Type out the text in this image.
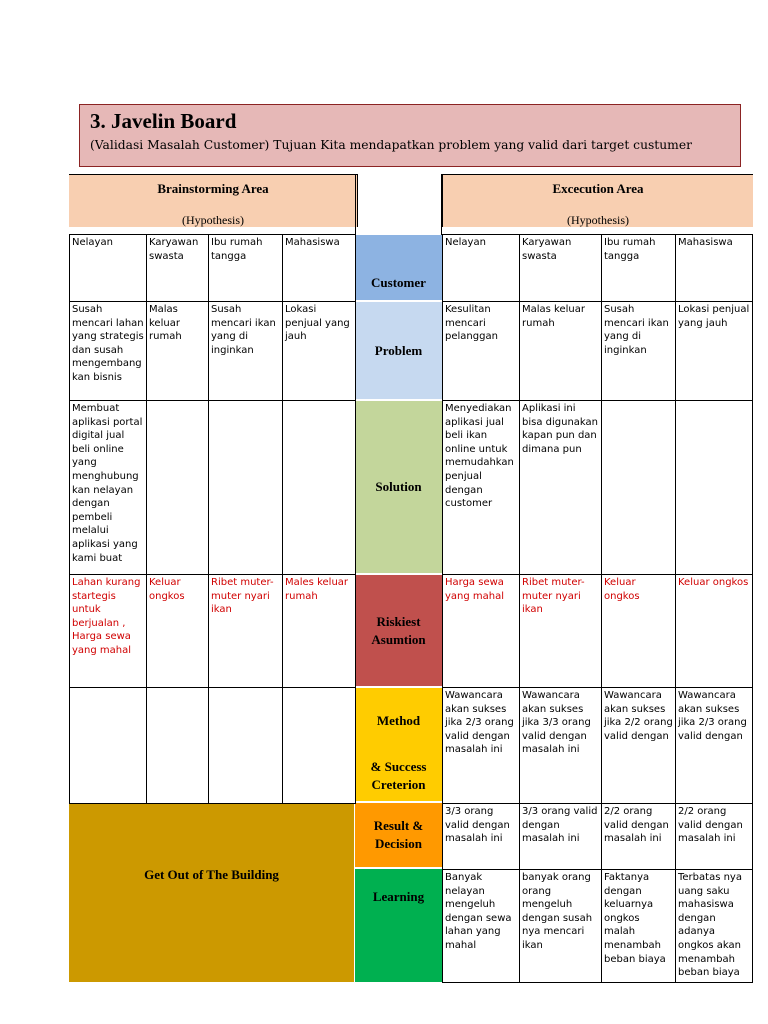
3. Javelin Board
(Validasi Masalah Customer) Tujuan Kita mendapatkan problem yang valid dari target custumer
Brainstorming Area
(Hypothesis)
Excecution Area
(Hypothesis)
Customer
Problem
Solution
Riskiest Asumtion
Method
& Success Creterion
Result & Decision
Learning
Get Out of The Building
Nelayan	Karyawan swasta
Ibu rumah tangga
Mahasiswa
Susah mencari lahan yang strategis dan susah mengembang kan bisnis
Malas keluar rumah
Susah mencari ikan yang di inginkan
Lokasi penjual yang jauh
Membuat aplikasi portal digital jual beli online yang menghubung kan nelayan dengan pembeli melalui aplikasi yang kami buat
Lahan kurang startegis untuk berjualan , Harga sewa yang mahal
Keluar ongkos
Ribet muter-muter nyari ikan
Males keluar rumah
Nelayan	Karyawan swasta
Ibu rumah tangga
Mahasiswa
Kesulitan mencari pelanggan
Malas keluar rumah
Susah mencari ikan yang di inginkan
Lokasi penjual yang jauh
Menyediakan aplikasi jual beli ikan online untuk memudahkan penjual dengan customer
Aplikasi ini bisa digunakan kapan pun dan dimana pun
Harga sewa yang mahal
Ribet muter-muter nyari ikan
Keluar ongkos
Keluar ongkos
Wawancara akan sukses jika 2/3 orang valid dengan masalah ini
Wawancara akan sukses jika 3/3 orang valid dengan masalah ini
Wawancara akan sukses jika 2/2 orang valid dengan
Wawancara akan sukses jika 2/3 orang valid dengan
3/3 orang valid dengan masalah ini
3/3 orang valid dengan masalah ini
2/2 orang valid dengan masalah ini
2/2 orang valid dengan masalah ini
Banyak nelayan mengeluh dengan sewa lahan yang mahal
banyak orang orang mengeluh dengan susah nya mencari ikan
Faktanya dengan keluarnya ongkos malah menambah beban biaya
Terbatas nya uang saku mahasiswa dengan adanya ongkos akan menambah beban biaya
